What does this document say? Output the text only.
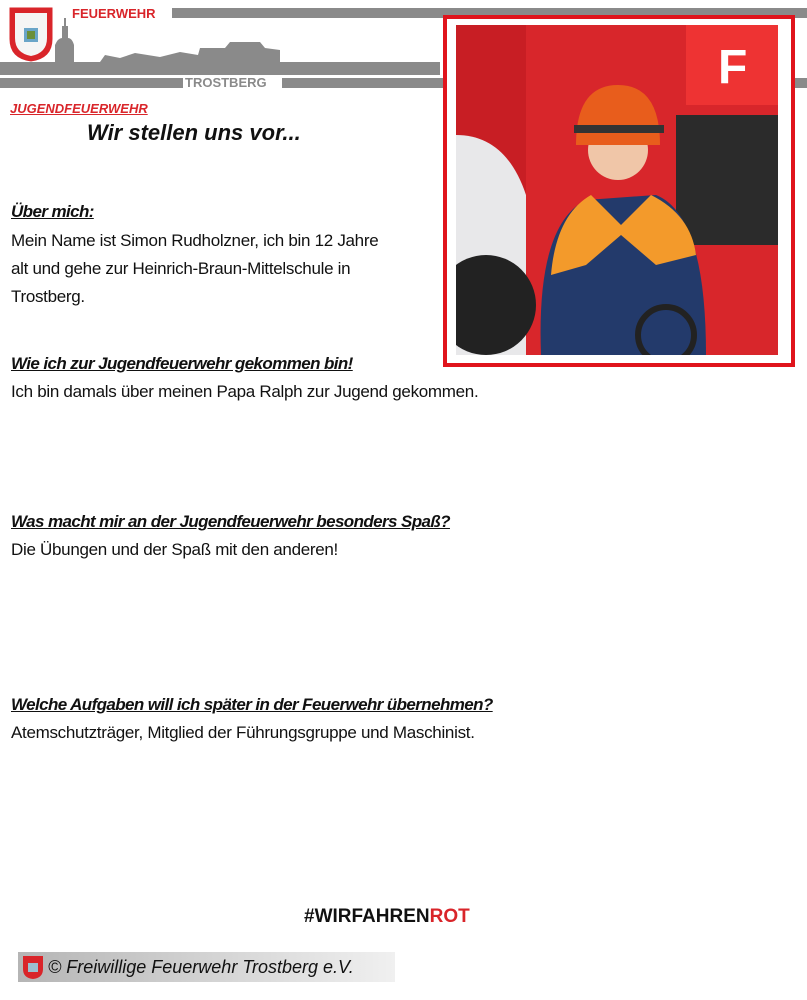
FEUERWEHR
TROSTBERG
JUGENDFEUERWEHR
Wir stellen uns vor...
F
Über mich:
Mein Name ist Simon Rudholzner, ich bin 12 Jahre
alt und gehe zur Heinrich-Braun-Mittelschule in
Trostberg.
Wie ich zur Jugendfeuerwehr gekommen bin!
Ich bin damals über meinen Papa Ralph zur Jugend gekommen.
Was macht mir an der Jugendfeuerwehr besonders Spaß?
Die Übungen und der Spaß mit den anderen!
Welche Aufgaben will ich später in der Feuerwehr übernehmen?
Atemschutzträger, Mitglied der Führungsgruppe und Maschinist.
#WIRFAHRENROT
© Freiwillige Feuerwehr Trostberg e.V.
